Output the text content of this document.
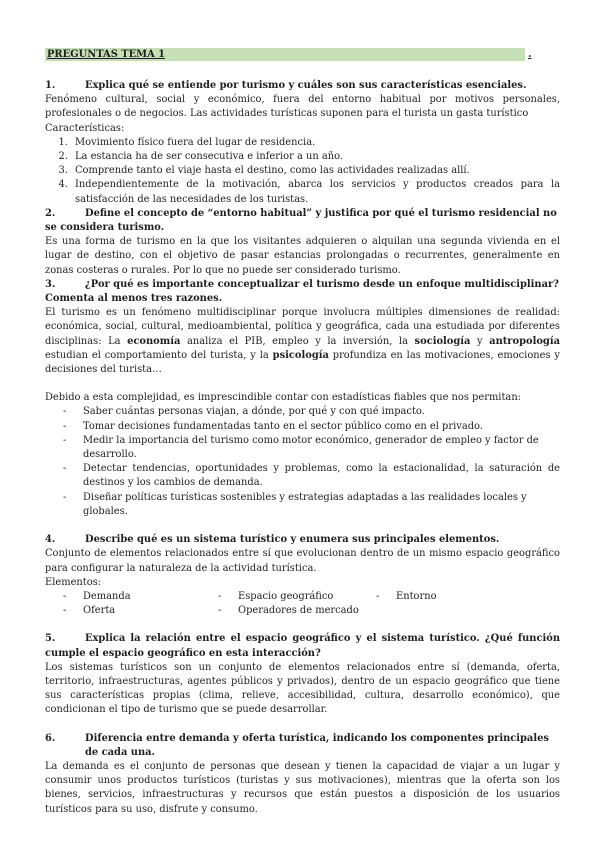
PREGUNTAS TEMA 1	.
1.	Explica qué se entiende por turismo y cuáles son sus características esenciales.

Fenómeno cultural, social y económico, fuera del entorno habitual por motivos personales, profesionales o de negocios. Las actividades turísticas suponen para el turista un gasta turístico

Características:

1. Movimiento físico fuera del lugar de residencia.
2. La estancia ha de ser consecutiva e inferior a un año.
3. Comprende tanto el viaje hasta el destino, como las actividades realizadas allí.
4. Independientemente de la motivación, abarca los servicios y productos creados para la satisfacción de las necesidades de los turistas.
2.	Define el concepto de “entorno habitual” y justifica por qué el turismo residencial no se considera turismo.

Es una forma de turismo en la que los visitantes adquieren o alquilan una segunda vivienda en el lugar de destino, con el objetivo de pasar estancias prolongadas o recurrentes, generalmente en zonas costeras o rurales. Por lo que no puede ser considerado turismo.

3.	¿Por qué es importante conceptualizar el turismo desde un enfoque multidisciplinar? Comenta al menos tres razones.

El turismo es un fenómeno multidisciplinar porque involucra múltiples dimensiones de realidad: económica, social, cultural, medioambiental, política y geográfica, cada una estudiada por diferentes disciplinas: La economía analiza el PIB, empleo y la inversión, la sociología y antropología estudian el comportamiento del turista, y la psicología profundiza en las motivaciones, emociones y decisiones del turista…

Debido a esta complejidad, es imprescindible contar con estadísticas fiables que nos permitan:

- Saber cuántas personas viajan, a dónde, por qué y con qué impacto.
- Tomar decisiones fundamentadas tanto en el sector público como en el privado.
- Medir la importancia del turismo como motor económico, generador de empleo y factor de desarrollo.
- Detectar tendencias, oportunidades y problemas, como la estacionalidad, la saturación de destinos y los cambios de demanda.
- Diseñar políticas turísticas sostenibles y estrategias adaptadas a las realidades locales y globales.
4.	Describe qué es un sistema turístico y enumera sus principales elementos.

Conjunto de elementos relacionados entre sí que evolucionan dentro de un mismo espacio geográfico para configurar la naturaleza de la actividad turística.

Elementos:

- Demanda	- Espacio geográfico	- Entorno
- Oferta	- Operadores de mercado
5.	Explica la relación entre el espacio geográfico y el sistema turístico. ¿Qué función cumple el espacio geográfico en esta interacción?

Los sistemas turísticos son un conjunto de elementos relacionados entre sí (demanda, oferta, territorio, infraestructuras, agentes públicos y privados), dentro de un espacio geográfico que tiene sus características propias (clima, relieve, accesibilidad, cultura, desarrollo económico), que condicionan el tipo de turismo que se puede desarrollar.

6.	Diferencia entre demanda y oferta turística, indicando los componentes principales de cada una.

La demanda es el conjunto de personas que desean y tienen la capacidad de viajar a un lugar y consumir unos productos turísticos (turistas y sus motivaciones), mientras que la oferta son los bienes, servicios, infraestructuras y recursos que están puestos a disposición de los usuarios turísticos para su uso, disfrute y consumo.
